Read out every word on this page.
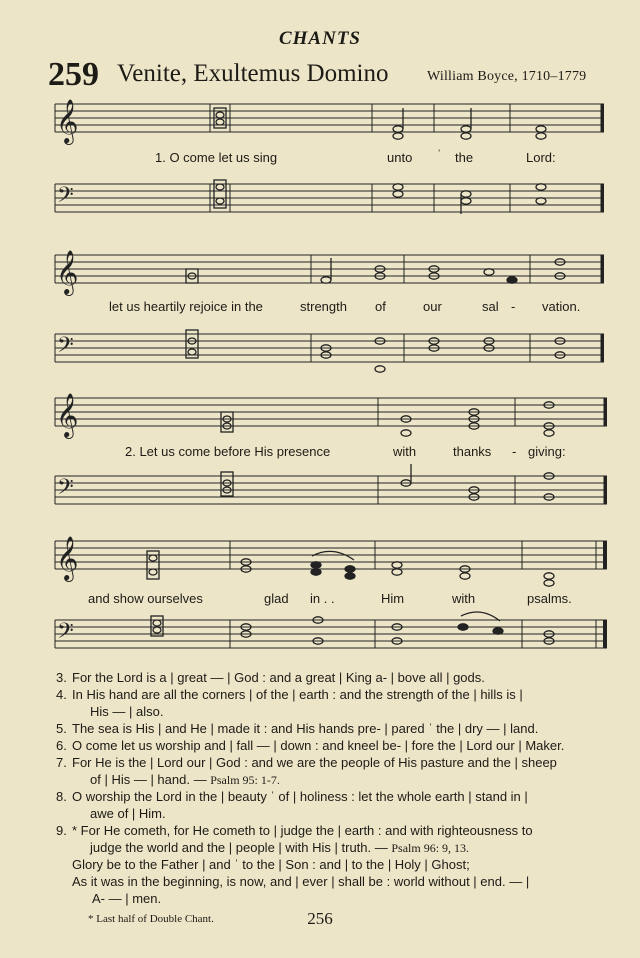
CHANTS
259 Venite, Exultemus Domino	William Boyce, 1710–1779
𝄞
𝄢
𝄞
𝄢
𝄞
𝄢
𝄞
𝄢
1. O come let us sing	unto ˈ the	Lord:
let us heartily rejoice in the	strength of	our	sal - vation.
2. Let us come before His presence	with	thanks - giving:
and show ourselves	glad in . .	Him	with	psalms.
3. For the Lord is a | great — | God : and a great | King a- | bove all | gods.
4. In His hand are all the corners | of the | earth : and the strength of the | hills is |
His — | also.
5. The sea is His | and He | made it : and His hands pre- | pared ˈ the | dry — | land.
6. O come let us worship and | fall — | down : and kneel be- | fore the | Lord our | Maker.
7. For He is the | Lord our | God : and we are the people of His pasture and the | sheep
of | His — | hand. — Psalm 95: 1-7.
8. O worship the Lord in the | beauty ˈ of | holiness : let the whole earth | stand in |
awe of | Him.
9. * For He cometh, for He cometh to | judge the | earth : and with righteousness to
judge the world and the | people | with His | truth. — Psalm 96: 9, 13.
Glory be to the Father | and ˈ to the | Son : and | to the | Holy | Ghost;
As it was in the beginning, is now, and | ever | shall be : world without | end. — |
A- — | men.
* Last half of Double Chant.	256
